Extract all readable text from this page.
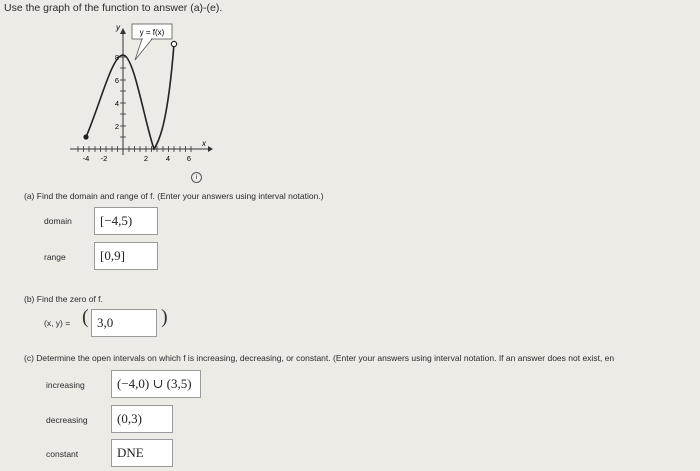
Use the graph of the function to answer (a)-(e).
y
x
-4 -2	2 4 6
2
4
6
8
y = f(x)
i
(a) Find the domain and range of f. (Enter your answers using interval notation.)
domain	[−4,5)
range	[0,9]
(b) Find the zero of f.
(x, y) = ( 3,0	)
(c) Determine the open intervals on which f is increasing, decreasing, or constant. (Enter your answers using interval notation. If an answer does not exist, en
increasing	(−4,0) ∪ (3,5)
decreasing	(0,3)
constant	DNE
